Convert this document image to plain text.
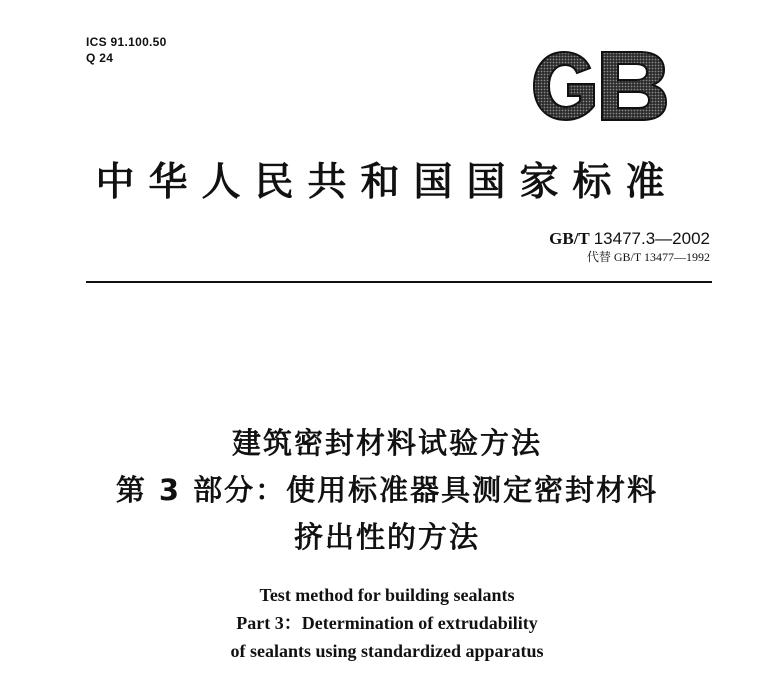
ICS 91.100.50
Q 24
中华人民共和国国家标准
GB/T 13477.3—2002
代替 GB/T 13477—1992
建筑密封材料试验方法
第 3 部分：使用标准器具测定密封材料
挤出性的方法
Test method for building sealants
Part 3：Determination of extrudability
of sealants using standardized apparatus
